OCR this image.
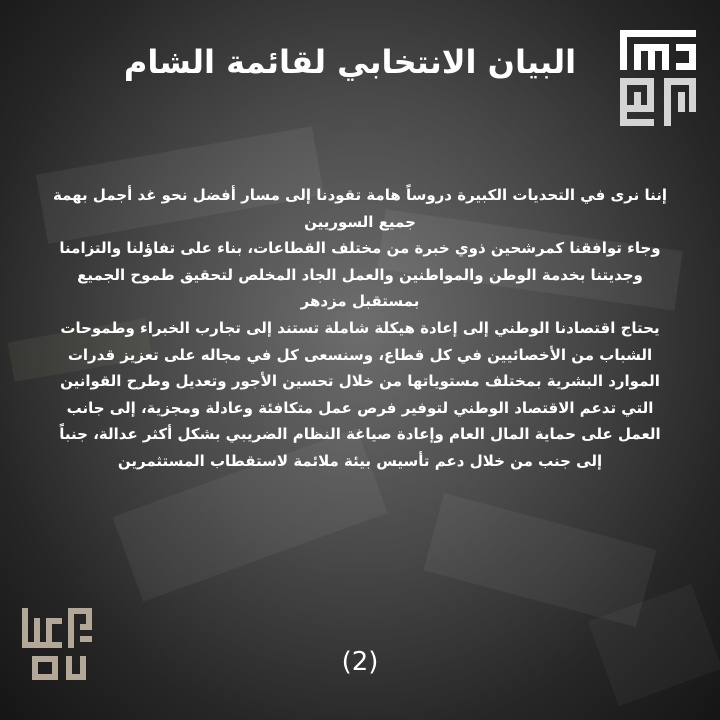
البيان الانتخابي لقائمة الشام

إننا نرى في التحديات الكبيرة دروساً هامة تقودنا إلى مسار أفضل نحو غد أجمل بهمة جميع السوريين

وجاء توافقنا كمرشحين ذوي خبرة من مختلف القطاعات، بناء على تفاؤلنا والتزامنا وجديتنا بخدمة الوطن والمواطنين والعمل الجاد المخلص لتحقيق طموح الجميع بمستقبل مزدهر

يحتاج اقتصادنا الوطني إلى إعادة هيكلة شاملة تستند إلى تجارب الخبراء وطموحات الشباب من الأخصائيين في كل قطاع، وسنسعى كل في مجاله على تعزيز قدرات الموارد البشرية بمختلف مستوياتها من خلال تحسين الأجور وتعديل وطرح القوانين التي تدعم الاقتصاد الوطني لتوفير فرص عمل متكافئة وعادلة ومجزية، إلى جانب العمل على حماية المال العام وإعادة صياغة النظام الضريبي بشكل أكثر عدالة، جنباً إلى جنب من خلال دعم تأسيس بيئة ملائمة لاستقطاب المستثمرين

(2)
